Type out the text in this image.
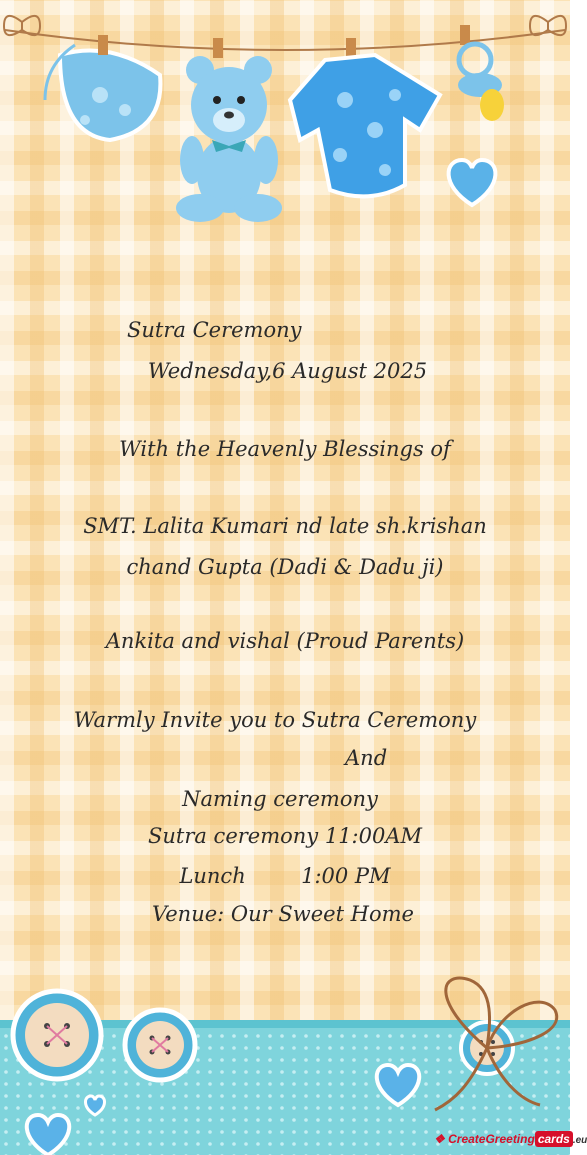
Sutra Ceremony
Wednesday,6 August 2025
With the Heavenly Blessings of
SMT. Lalita Kumari nd late sh.krishan
chand Gupta (Dadi & Dadu ji)
Ankita and vishal (Proud Parents)
Warmly Invite you to Sutra Ceremony
And
Naming ceremony
Sutra ceremony 11:00AM
Lunch	1:00 PM
Venue: Our Sweet Home
❖ CreateGreeting cards .eu
